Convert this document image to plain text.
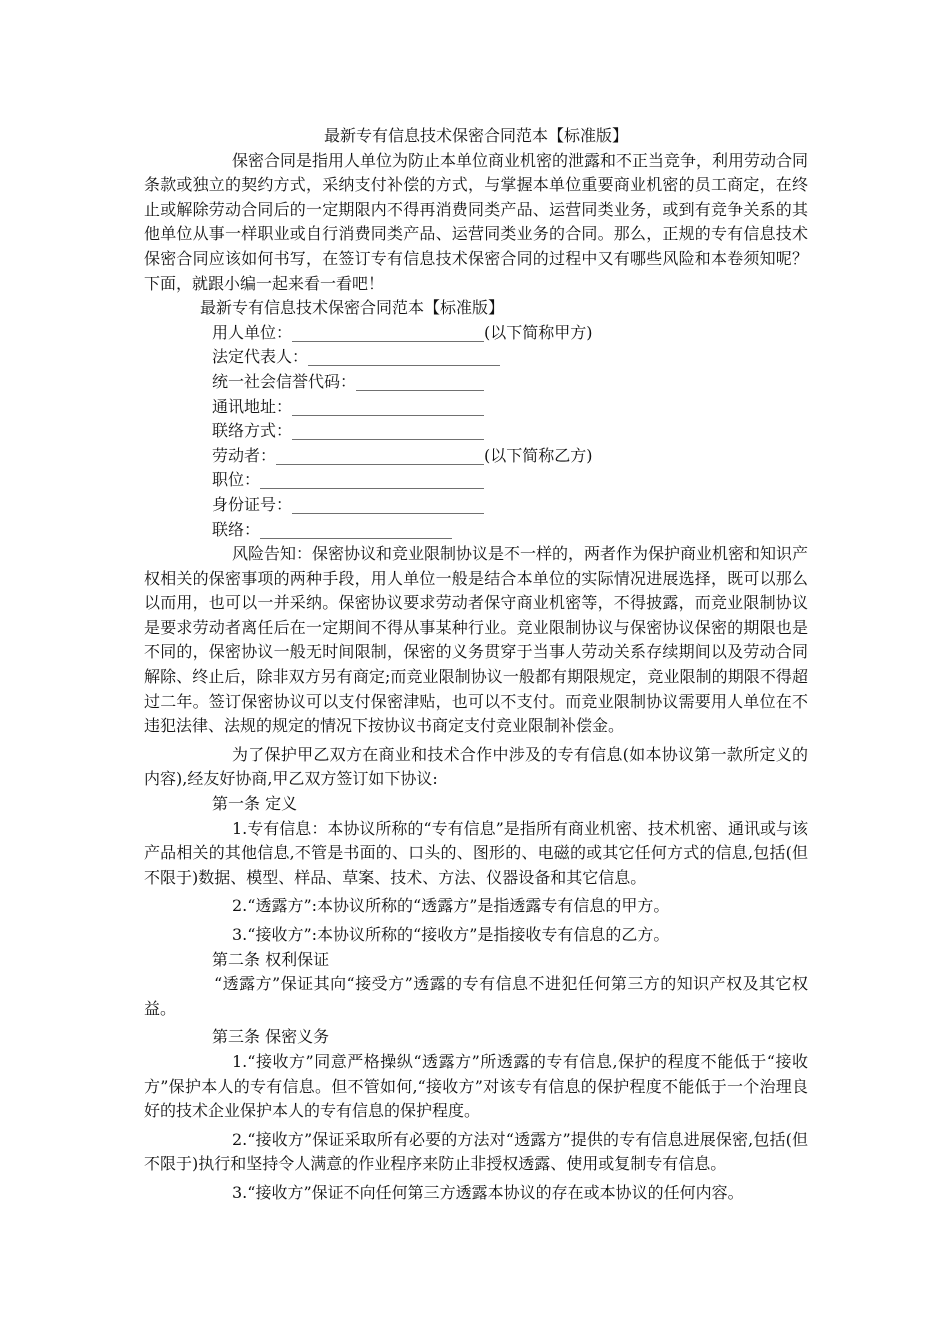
最新专有信息技术保密合同范本【标准版】

保密合同是指用人单位为防止本单位商业机密的泄露和不正当竞争，利用劳动合同条款或独立的契约方式，采纳支付补偿的方式，与掌握本单位重要商业机密的员工商定，在终止或解除劳动合同后的一定期限内不得再消费同类产品、运营同类业务，或到有竞争关系的其他单位从事一样职业或自行消费同类产品、运营同类业务的合同。那么，正规的专有信息技术保密合同应该如何书写，在签订专有信息技术保密合同的过程中又有哪些风险和本卷须知呢？下面，就跟小编一起来看一看吧！

最新专有信息技术保密合同范本【标准版】
用人单位：________________________(以下简称甲方)
法定代表人：________________________
统一社会信誉代码：________________
通讯地址：________________________
联络方式：________________________
劳动者：__________________________(以下简称乙方)
职位：____________________________
身份证号：________________________
联络：________________________

风险告知：保密协议和竞业限制协议是不一样的，两者作为保护商业机密和知识产权相关的保密事项的两种手段，用人单位一般是结合本单位的实际情况进展选择，既可以那么以而用，也可以一并采纳。保密协议要求劳动者保守商业机密等，不得披露，而竞业限制协议是要求劳动者离任后在一定期间不得从事某种行业。竞业限制协议与保密协议保密的期限也是不同的，保密协议一般无时间限制，保密的义务贯穿于当事人劳动关系存续期间以及劳动合同解除、终止后，除非双方另有商定;而竞业限制协议一般都有期限规定，竞业限制的期限不得超过二年。签订保密协议可以支付保密津贴，也可以不支付。而竞业限制协议需要用人单位在不违犯法律、法规的规定的情况下按协议书商定支付竞业限制补偿金。

为了保护甲乙双方在商业和技术合作中涉及的专有信息(如本协议第一款所定义的内容),经友好协商,甲乙双方签订如下协议:

第一条 定义

1.专有信息：本协议所称的“专有信息”是指所有商业机密、技术机密、通讯或与该产品相关的其他信息,不管是书面的、口头的、图形的、电磁的或其它任何方式的信息,包括(但不限于)数据、模型、样品、草案、技术、方法、仪器设备和其它信息。

2.“透露方”:本协议所称的“透露方”是指透露专有信息的甲方。

3.“接收方”:本协议所称的“接收方”是指接收专有信息的乙方。

第二条 权利保证

“透露方”保证其向“接受方”透露的专有信息不进犯任何第三方的知识产权及其它权益。

第三条 保密义务

1.“接收方”同意严格操纵“透露方”所透露的专有信息,保护的程度不能低于“接收方”保护本人的专有信息。但不管如何,“接收方”对该专有信息的保护程度不能低于一个治理良好的技术企业保护本人的专有信息的保护程度。

2.“接收方”保证采取所有必要的方法对“透露方”提供的专有信息进展保密,包括(但不限于)执行和坚持令人满意的作业程序来防止非授权透露、使用或复制专有信息。

3.“接收方”保证不向任何第三方透露本协议的存在或本协议的任何内容。
